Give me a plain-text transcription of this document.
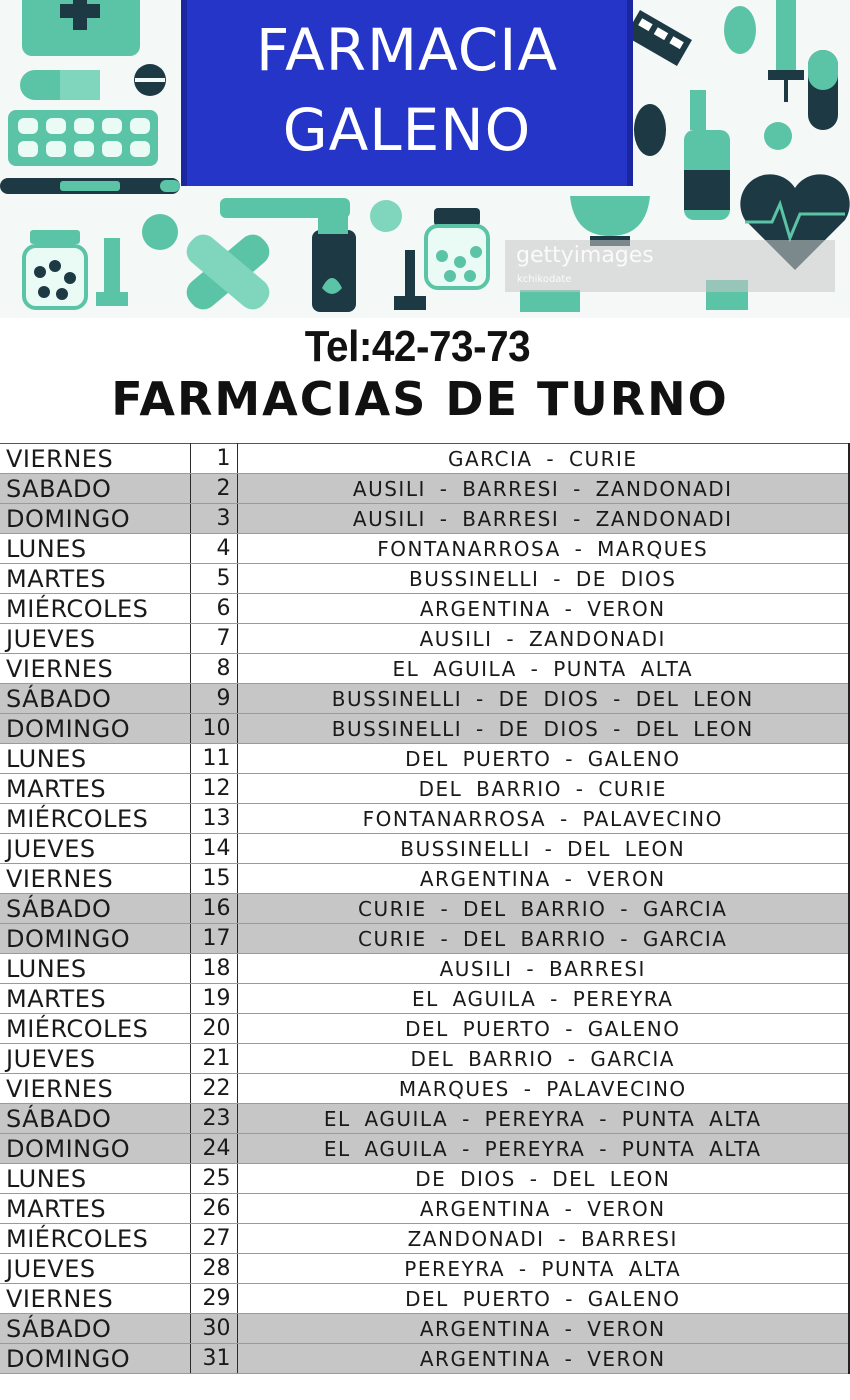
FARMACIA
GALENO
gettyimages
kchikodate
Tel:42-73-73
FARMACIAS DE TURNO
VIERNES	1	GARCIA - CURIE
SABADO	2	AUSILI - BARRESI - ZANDONADI
DOMINGO	3	AUSILI - BARRESI - ZANDONADI
LUNES	4	FONTANARROSA - MARQUES
MARTES	5	BUSSINELLI - DE DIOS
MIÉRCOLES	6	ARGENTINA - VERON
JUEVES	7	AUSILI - ZANDONADI
VIERNES	8	EL AGUILA - PUNTA ALTA
SÁBADO	9	BUSSINELLI - DE DIOS - DEL LEON
DOMINGO	10	BUSSINELLI - DE DIOS - DEL LEON
LUNES	11	DEL PUERTO - GALENO
MARTES	12	DEL BARRIO - CURIE
MIÉRCOLES	13	FONTANARROSA - PALAVECINO
JUEVES	14	BUSSINELLI - DEL LEON
VIERNES	15	ARGENTINA - VERON
SÁBADO	16	CURIE - DEL BARRIO - GARCIA
DOMINGO	17	CURIE - DEL BARRIO - GARCIA
LUNES	18	AUSILI - BARRESI
MARTES	19	EL AGUILA - PEREYRA
MIÉRCOLES	20	DEL PUERTO - GALENO
JUEVES	21	DEL BARRIO - GARCIA
VIERNES	22	MARQUES - PALAVECINO
SÁBADO	23	EL AGUILA - PEREYRA - PUNTA ALTA
DOMINGO	24	EL AGUILA - PEREYRA - PUNTA ALTA
LUNES	25	DE DIOS - DEL LEON
MARTES	26	ARGENTINA - VERON
MIÉRCOLES	27	ZANDONADI - BARRESI
JUEVES	28	PEREYRA - PUNTA ALTA
VIERNES	29	DEL PUERTO - GALENO
SÁBADO	30	ARGENTINA - VERON
DOMINGO	31	ARGENTINA - VERON
